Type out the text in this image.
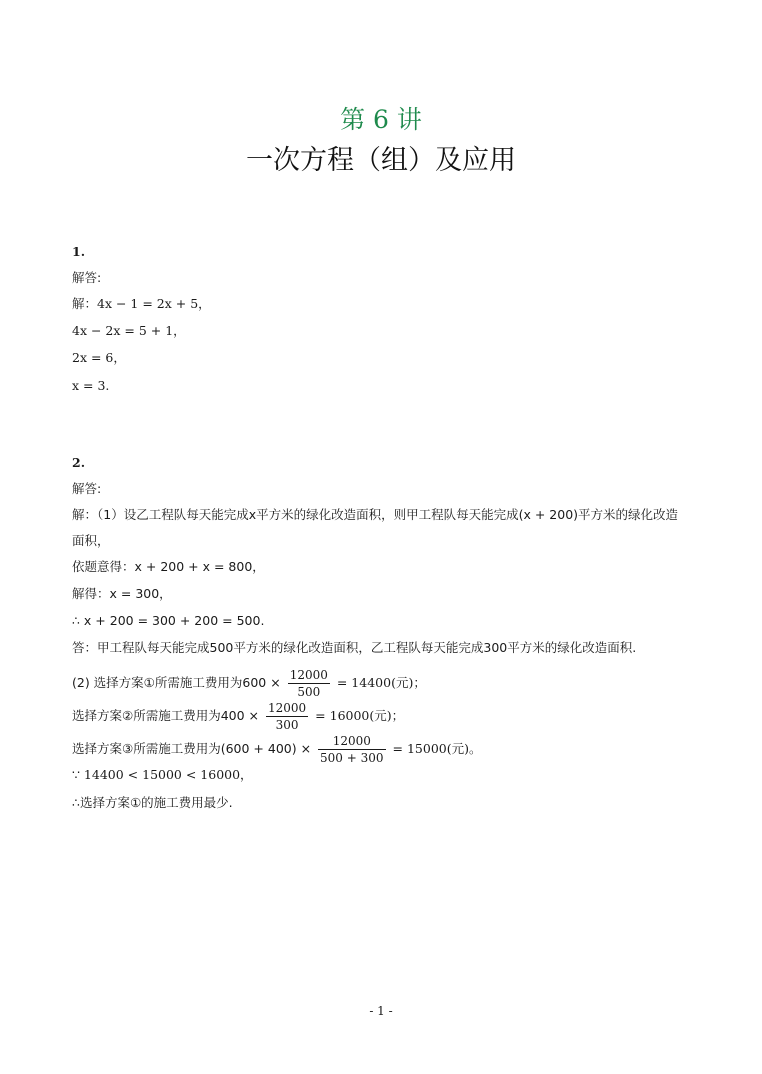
第 6 讲
一次方程（组）及应用
1.
解答:
解：4x − 1 = 2x + 5，
4x − 2x = 5 + 1，
2x = 6，
x = 3.
2.
解答:
解：（1）设乙工程队每天能完成x平方米的绿化改造面积，则甲工程队每天能完成(x + 200)平方米的绿化改造
面积，
依题意得：x + 200 + x = 800，
解得：x = 300，
∴ x + 200 = 300 + 200 = 500.
答：甲工程队每天能完成500平方米的绿化改造面积，乙工程队每天能完成300平方米的绿化改造面积.
(2) 选择方案①所需施工费用为$600 \times \frac{12000}{500} = 14400$(元)；
选择方案②所需施工费用为$400 \times \frac{12000}{300} = 16000$(元)；
选择方案③所需施工费用为$(600 + 400) \times \frac{12000}{500 + 300} = 15000$(元)。
∵ 14400 < 15000 < 16000，
∴选择方案①的施工费用最少.
- 1 -
